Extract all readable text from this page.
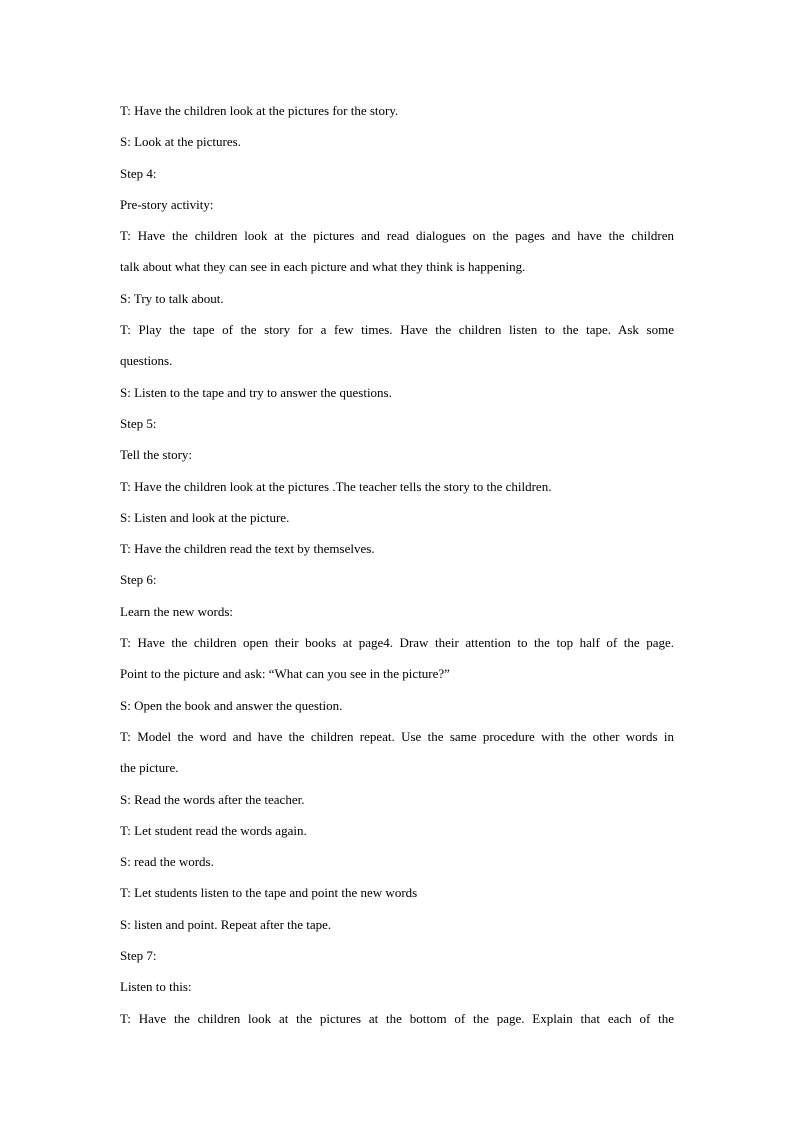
T: Have the children look at the pictures for the story.
S: Look at the pictures.
Step 4:
Pre-story activity:
T: Have the children look at the pictures and read dialogues on the pages and have the children
talk about what they can see in each picture and what they think is happening.
S: Try to talk about.
T: Play the tape of the story for a few times. Have the children listen to the tape. Ask some
questions.
S: Listen to the tape and try to answer the questions.
Step 5:
Tell the story:
T: Have the children look at the pictures .The teacher tells the story to the children.
S: Listen and look at the picture.
T: Have the children read the text by themselves.
Step 6:
Learn the new words:
T: Have the children open their books at page4. Draw their attention to the top half of the page.
Point to the picture and ask: “What can you see in the picture?”
S: Open the book and answer the question.
T: Model the word and have the children repeat. Use the same procedure with the other words in
the picture.
S: Read the words after the teacher.
T: Let student read the words again.
S: read the words.
T: Let students listen to the tape and point the new words
S: listen and point. Repeat after the tape.
Step 7:
Listen to this:
T: Have the children look at the pictures at the bottom of the page. Explain that each of the
